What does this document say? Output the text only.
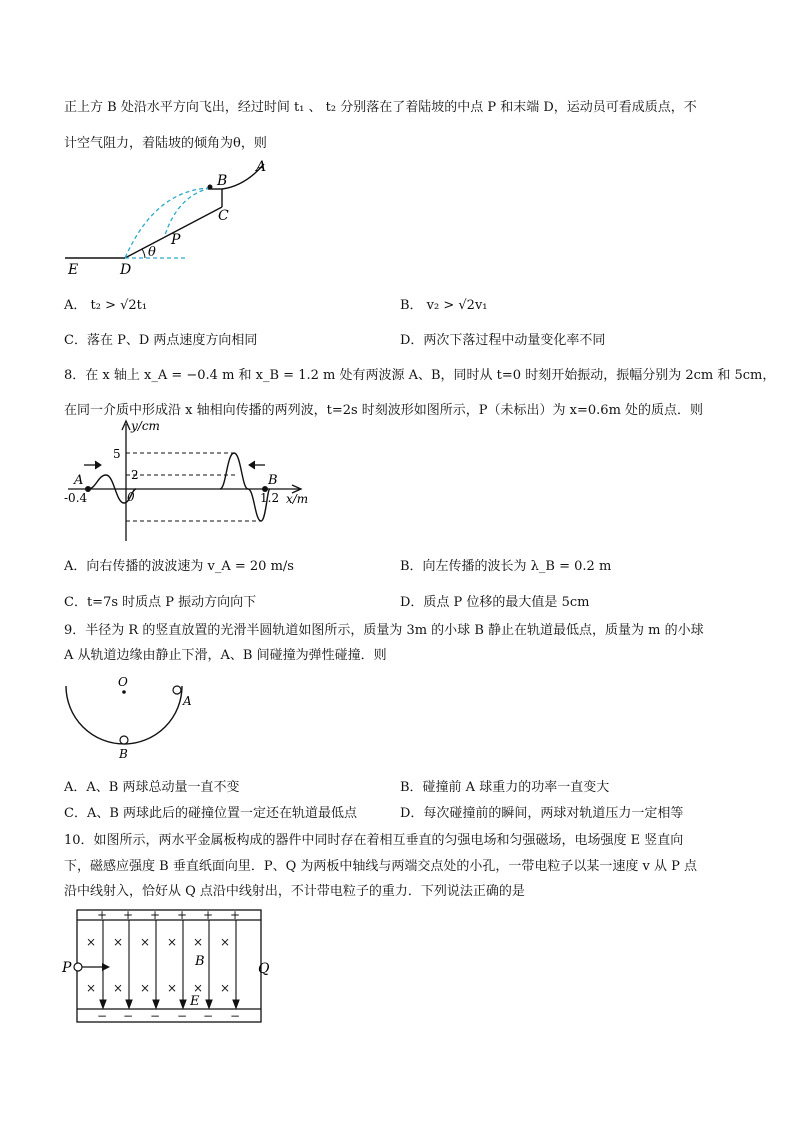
正上方 B 处沿水平方向飞出，经过时间 t₁ 、 t₂ 分别落在了着陆坡的中点 P 和末端 D，运动员可看成质点，不
计空气阻力，着陆坡的倾角为θ，则
E	D
θ
P
C
B
A
A． t₂ > √2t₁	B． v₂ > √2v₁
C．落在 P、D 两点速度方向相同	D．两次下落过程中动量变化率不同
8．在 x 轴上 x_A = −0.4 m 和 x_B = 1.2 m 处有两波源 A、B，同时从 t=0 时刻开始振动，振幅分别为 2cm 和 5cm，
在同一介质中形成沿 x 轴相向传播的两列波，t=2s 时刻波形如图所示，P（未标出）为 x=0.6m 处的质点．则
y/cm
x/m
5
2
0
A
-0.4
B
1.2
A．向右传播的波波速为 v_A = 20 m/s	B．向左传播的波长为 λ_B = 0.2 m
C．t=7s 时质点 P 振动方向向下	D．质点 P 位移的最大值是 5cm
9．半径为 R 的竖直放置的光滑半圆轨道如图所示，质量为 3m 的小球 B 静止在轨道最低点，质量为 m 的小球
A 从轨道边缘由静止下滑，A、B 间碰撞为弹性碰撞．则
O
A
B
A．A、B 两球总动量一直不变	B．碰撞前 A 球重力的功率一直变大
C．A、B 两球此后的碰撞位置一定还在轨道最低点	D．每次碰撞前的瞬间，两球对轨道压力一定相等
10．如图所示，两水平金属板构成的器件中同时存在着相互垂直的匀强电场和匀强磁场，电场强度 E 竖直向
下，磁感应强度 B 垂直纸面向里．P、Q 为两板中轴线与两端交点处的小孔，一带电粒子以某一速度 v 从 P 点
沿中线射入，恰好从 Q 点沿中线射出，不计带电粒子的重力．下列说法正确的是
+ + + + + +
− − − − − −
× × × × × ×
× × × × × ×
P	B
E
Q
